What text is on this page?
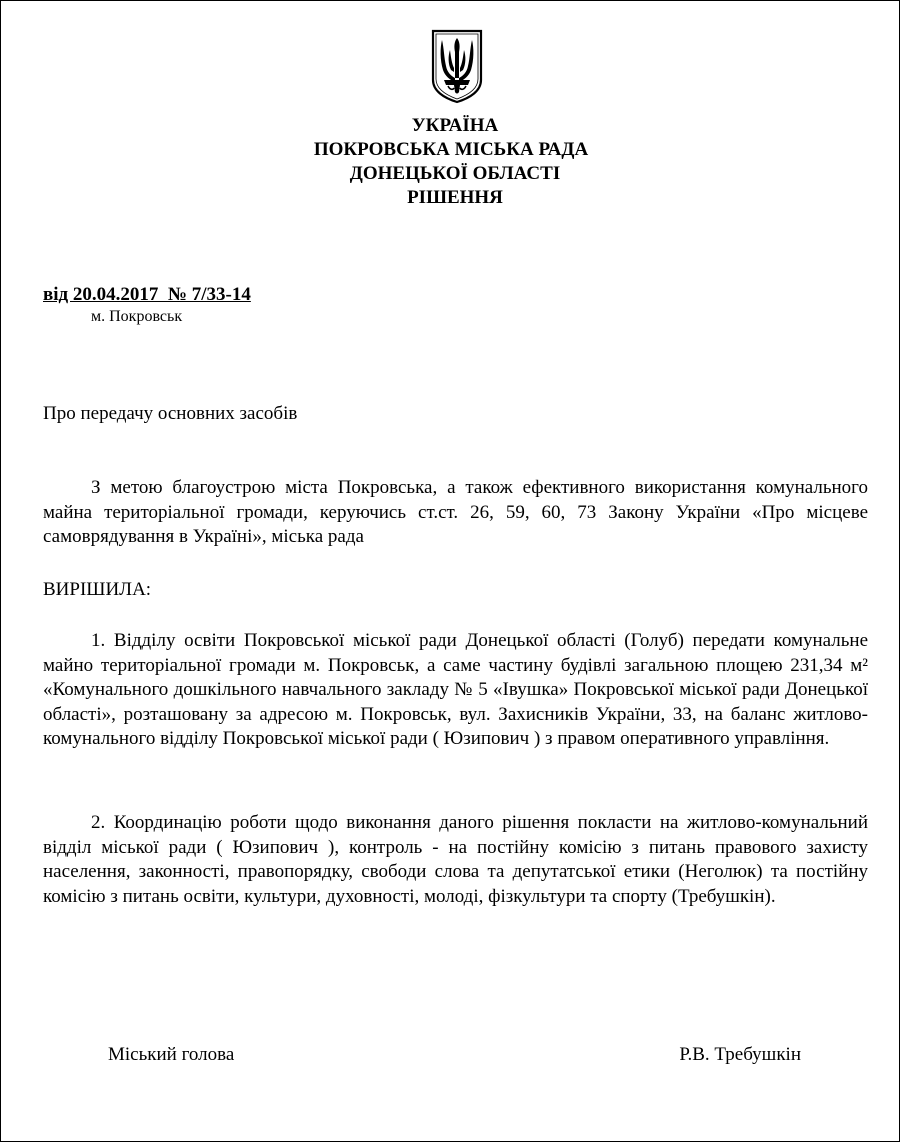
УКРАЇНА
ПОКРОВСЬКА МІСЬКА РАДА
ДОНЕЦЬКОЇ ОБЛАСТІ
РІШЕННЯ
від 20.04.2017  № 7/33-14
м. Покровськ
Про передачу основних засобів
З метою благоустрою міста Покровська, а також ефективного використання комунального майна територіальної громади, керуючись ст.ст. 26, 59, 60, 73 Закону України «Про місцеве самоврядування в Україні», міська рада
ВИРІШИЛА:
1. Відділу освіти Покровської міської ради Донецької області (Голуб) передати комунальне майно територіальної громади м. Покровськ, а саме частину будівлі загальною площею 231,34 м² «Комунального дошкільного навчального закладу № 5 «Івушка» Покровської міської ради Донецької області», розташовану за адресою м. Покровськ, вул. Захисників України, 33, на баланс житлово-комунального відділу Покровської міської ради ( Юзипович ) з правом оперативного управління.
2. Координацію роботи щодо виконання даного рішення покласти на житлово-комунальний відділ міської ради ( Юзипович ), контроль - на постійну комісію з питань правового захисту населення, законності, правопорядку, свободи слова та депутатської етики (Неголюк) та постійну комісію з питань освіти, культури, духовності, молоді, фізкультури та спорту (Требушкін).
Міський голова	Р.В. Требушкін
